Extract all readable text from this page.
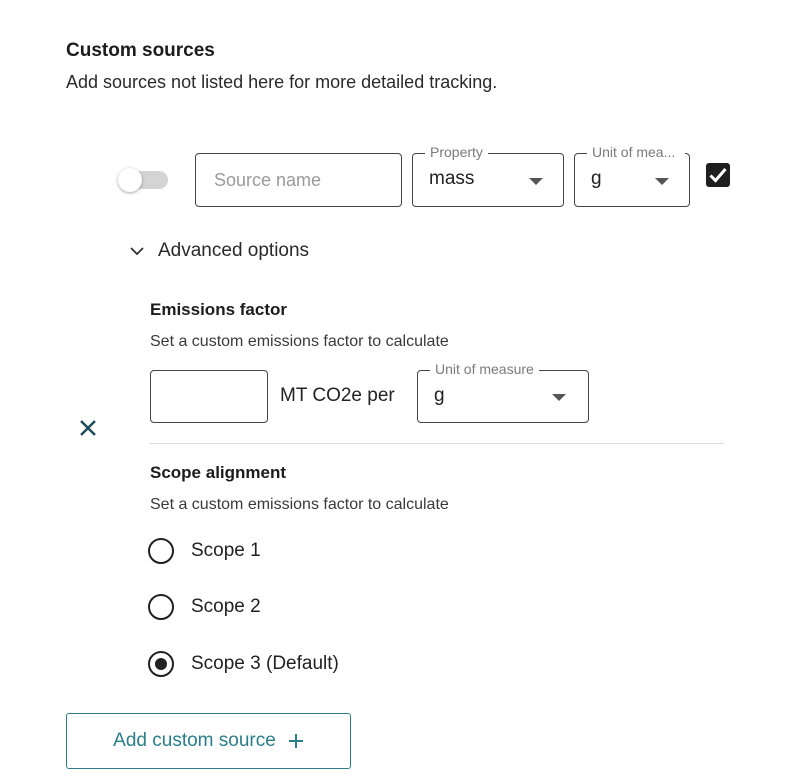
Custom sources
Add sources not listed here for more detailed tracking.
Source name
Property
mass
Unit of mea...
g
Advanced options
Emissions factor
Set a custom emissions factor to calculate
MT CO2e per
Unit of measure
g
Scope alignment
Set a custom emissions factor to calculate
Scope 1
Scope 2
Scope 3 (Default)
Add custom source
